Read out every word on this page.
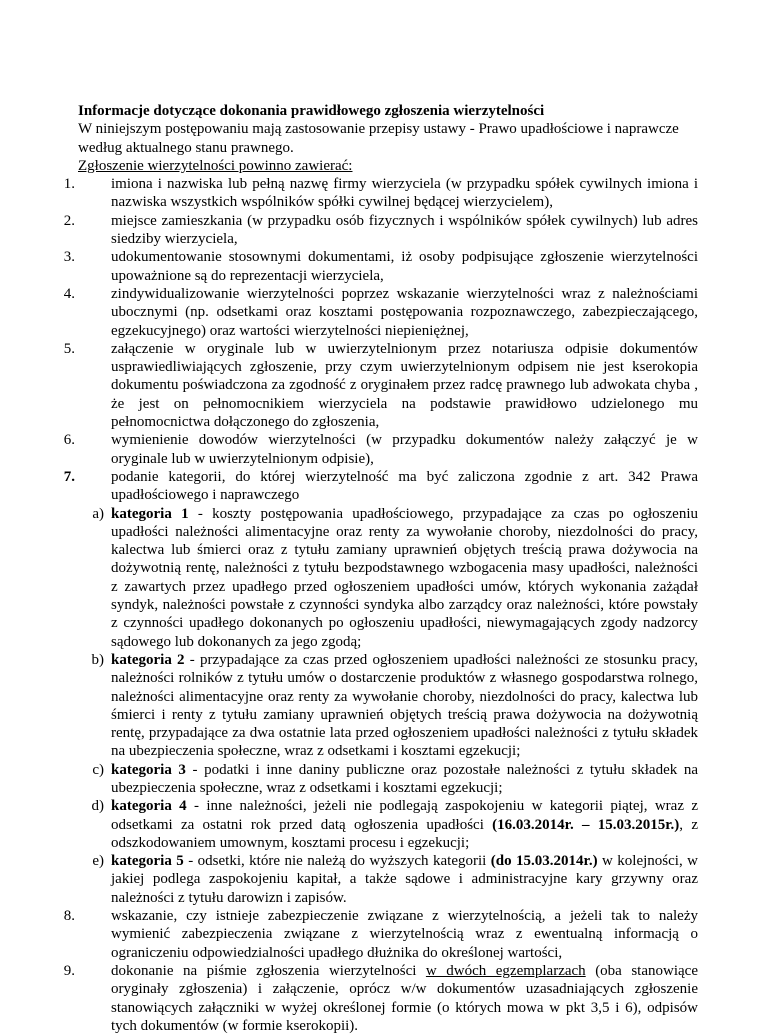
Informacje dotyczące dokonania prawidłowego zgłoszenia wierzytelności

W niniejszym postępowaniu mają zastosowanie przepisy ustawy - Prawo upadłościowe i naprawcze według aktualnego stanu prawnego.

Zgłoszenie wierzytelności powinno zawierać:

1. imiona i nazwiska lub pełną nazwę firmy wierzyciela (w przypadku spółek cywilnych imiona i nazwiska wszystkich wspólników spółki cywilnej będącej wierzycielem),
2. miejsce zamieszkania (w przypadku osób fizycznych i wspólników spółek cywilnych) lub adres siedziby wierzyciela,
3. udokumentowanie stosownymi dokumentami, iż osoby podpisujące zgłoszenie wierzytelności upoważnione są do reprezentacji wierzyciela,
4. zindywidualizowanie wierzytelności poprzez wskazanie wierzytelności wraz z należnościami ubocznymi (np. odsetkami oraz kosztami postępowania rozpoznawczego, zabezpieczającego, egzekucyjnego) oraz wartości wierzytelności niepieniężnej,
5. załączenie w oryginale lub w uwierzytelnionym przez notariusza odpisie dokumentów usprawiedliwiających zgłoszenie, przy czym uwierzytelnionym odpisem nie jest kserokopia dokumentu poświadczona za zgodność z oryginałem przez radcę prawnego lub adwokata chyba , że jest on pełnomocnikiem wierzyciela na podstawie prawidłowo udzielonego mu pełnomocnictwa dołączonego do zgłoszenia,
6. wymienienie dowodów wierzytelności (w przypadku dokumentów należy załączyć je w oryginale lub w uwierzytelnionym odpisie),
7. podanie kategorii, do której wierzytelność ma być zaliczona zgodnie z art. 342 Prawa upadłościowego i naprawczego
a) kategoria 1 - koszty postępowania upadłościowego, przypadające za czas po ogłoszeniu upadłości należności alimentacyjne oraz renty za wywołanie choroby, niezdolności do pracy, kalectwa lub śmierci oraz z tytułu zamiany uprawnień objętych treścią prawa dożywocia na dożywotnią rentę, należności z tytułu bezpodstawnego wzbogacenia masy upadłości, należności z zawartych przez upadłego przed ogłoszeniem upadłości umów, których wykonania zażądał syndyk, należności powstałe z czynności syndyka albo zarządcy oraz należności, które powstały z czynności upadłego dokonanych po ogłoszeniu upadłości, niewymagających zgody nadzorcy sądowego lub dokonanych za jego zgodą;
b) kategoria 2 - przypadające za czas przed ogłoszeniem upadłości należności ze stosunku pracy, należności rolników z tytułu umów o dostarczenie produktów z własnego gospodarstwa rolnego, należności alimentacyjne oraz renty za wywołanie choroby, niezdolności do pracy, kalectwa lub śmierci i renty z tytułu zamiany uprawnień objętych treścią prawa dożywocia na dożywotnią rentę, przypadające za dwa ostatnie lata przed ogłoszeniem upadłości należności z tytułu składek na ubezpieczenia społeczne, wraz z odsetkami i kosztami egzekucji;
c) kategoria 3 - podatki i inne daniny publiczne oraz pozostałe należności z tytułu składek na ubezpieczenia społeczne, wraz z odsetkami i kosztami egzekucji;
d) kategoria 4 - inne należności, jeżeli nie podlegają zaspokojeniu w kategorii piątej, wraz z odsetkami za ostatni rok przed datą ogłoszenia upadłości (16.03.2014r. – 15.03.2015r.), z odszkodowaniem umownym, kosztami procesu i egzekucji;
e) kategoria 5 - odsetki, które nie należą do wyższych kategorii (do 15.03.2014r.) w kolejności, w jakiej podlega zaspokojeniu kapitał, a także sądowe i administracyjne kary grzywny oraz należności z tytułu darowizn i zapisów.
8. wskazanie, czy istnieje zabezpieczenie związane z wierzytelnością, a jeżeli tak to należy wymienić zabezpieczenia związane z wierzytelnością wraz z ewentualną informacją o ograniczeniu odpowiedzialności upadłego dłużnika do określonej wartości,
9. dokonanie na piśmie zgłoszenia wierzytelności w dwóch egzemplarzach (oba stanowiące oryginały zgłoszenia) i załączenie, oprócz w/w dokumentów uzasadniających zgłoszenie stanowiących załączniki w wyżej określonej formie (o których mowa w pkt 3,5 i 6), odpisów tych dokumentów (w formie kserokopii).
